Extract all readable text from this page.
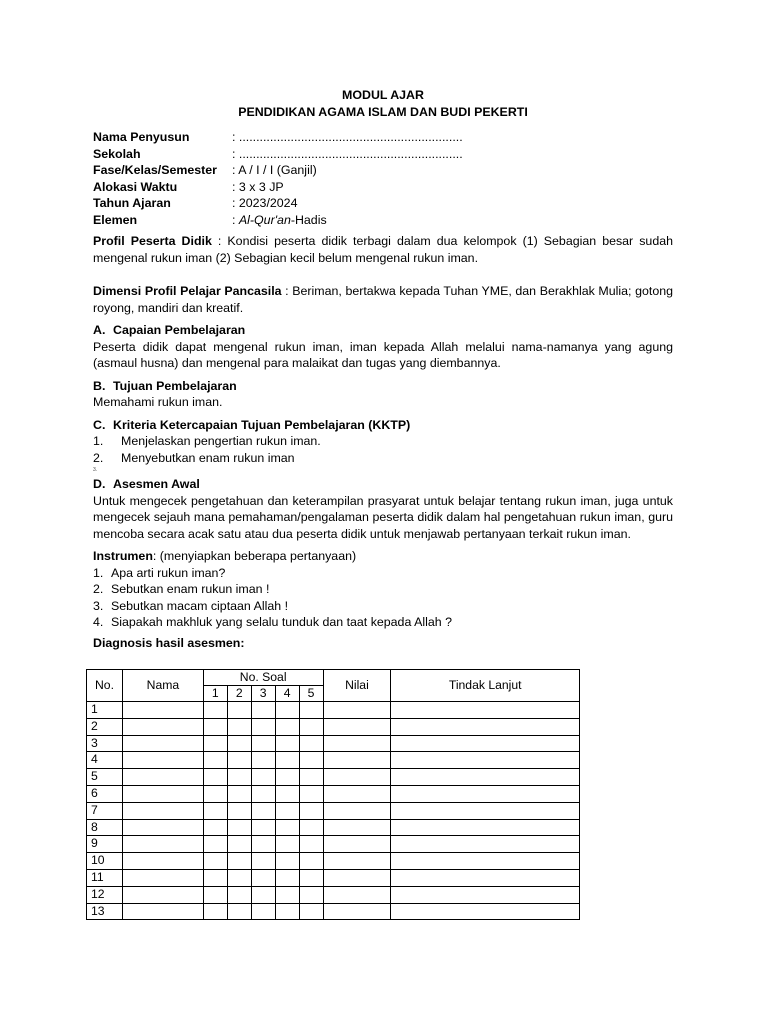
MODUL AJAR
PENDIDIKAN AGAMA ISLAM DAN BUDI PEKERTI
Nama Penyusun	: .................................................................
Sekolah	: .................................................................
Fase/Kelas/Semester	: A / I / I (Ganjil)
Alokasi Waktu	: 3 x 3 JP
Tahun Ajaran	: 2023/2024
Elemen	: Al-Qur'an-Hadis
Profil Peserta Didik : Kondisi peserta didik terbagi dalam dua kelompok (1) Sebagian besar sudah mengenal rukun iman (2) Sebagian kecil belum mengenal rukun iman.
Dimensi Profil Pelajar Pancasila : Beriman, bertakwa kepada Tuhan YME, dan Berakhlak Mulia; gotong royong, mandiri dan kreatif.
A. Capaian Pembelajaran
Peserta didik dapat mengenal rukun iman, iman kepada Allah melalui nama-namanya yang agung (asmaul husna) dan mengenal para malaikat dan tugas yang diembannya.
B. Tujuan Pembelajaran
Memahami rukun iman.
C. Kriteria Ketercapaian Tujuan Pembelajaran (KKTP)
1.	Menjelaskan pengertian rukun iman.
2.	Menyebutkan enam rukun iman
3.
D. Asesmen Awal
Untuk mengecek pengetahuan dan keterampilan prasyarat untuk belajar tentang rukun iman, juga untuk mengecek sejauh mana pemahaman/pengalaman peserta didik dalam hal pengetahuan rukun iman, guru mencoba secara acak satu atau dua peserta didik untuk menjawab pertanyaan terkait rukun iman.
Instrumen: (menyiapkan beberapa pertanyaan)
1. Apa arti rukun iman?
2. Sebutkan enam rukun iman !
3. Sebutkan macam ciptaan Allah !
4. Siapakah makhluk yang selalu tunduk dan taat kepada Allah ?
Diagnosis hasil asesmen:
No.	Nama	No. Soal					Nilai	Tindak Lanjut
		1	2	3	4	5		
1								
2								
3								
4								
5								
6								
7								
8								
9								
10								
11								
12								
13								
